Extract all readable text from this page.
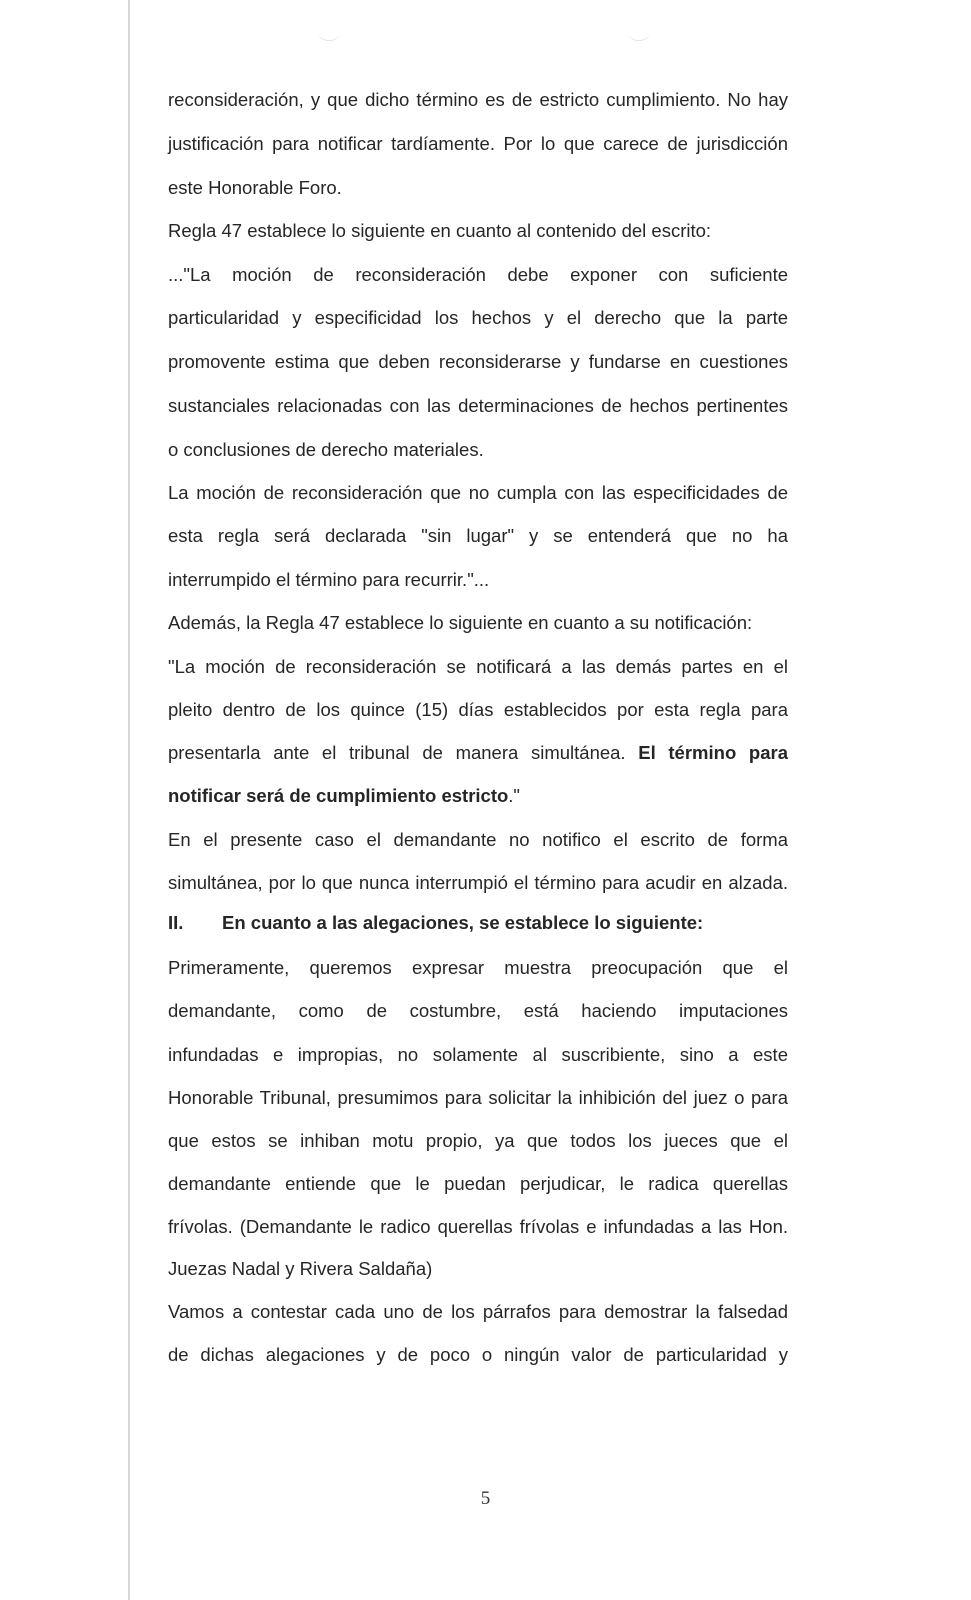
reconsideración, y que dicho término es de estricto cumplimiento. No hay
justificación para notificar tardíamente. Por lo que carece de jurisdicción
este Honorable Foro.
Regla 47 establece lo siguiente en cuanto al contenido del escrito:
..."La moción de reconsideración debe exponer con suficiente
particularidad y especificidad los hechos y el derecho que la parte
promovente estima que deben reconsiderarse y fundarse en cuestiones
sustanciales relacionadas con las determinaciones de hechos pertinentes
o conclusiones de derecho materiales.
La moción de reconsideración que no cumpla con las especificidades de
esta regla será declarada "sin lugar" y se entenderá que no ha
interrumpido el término para recurrir."...
Además, la Regla 47 establece lo siguiente en cuanto a su notificación:
"La moción de reconsideración se notificará a las demás partes en el
pleito dentro de los quince (15) días establecidos por esta regla para
presentarla ante el tribunal de manera simultánea. El término para
notificar será de cumplimiento estricto."
En el presente caso el demandante no notifico el escrito de forma
simultánea, por lo que nunca interrumpió el término para acudir en alzada.
II. En cuanto a las alegaciones, se establece lo siguiente:
Primeramente, queremos expresar muestra preocupación que el
demandante, como de costumbre, está haciendo imputaciones
infundadas e impropias, no solamente al suscribiente, sino a este
Honorable Tribunal, presumimos para solicitar la inhibición del juez o para
que estos se inhiban motu propio, ya que todos los jueces que el
demandante entiende que le puedan perjudicar, le radica querellas
frívolas. (Demandante le radico querellas frívolas e infundadas a las Hon.
Juezas Nadal y Rivera Saldaña)
Vamos a contestar cada uno de los párrafos para demostrar la falsedad
de dichas alegaciones y de poco o ningún valor de particularidad y
5
